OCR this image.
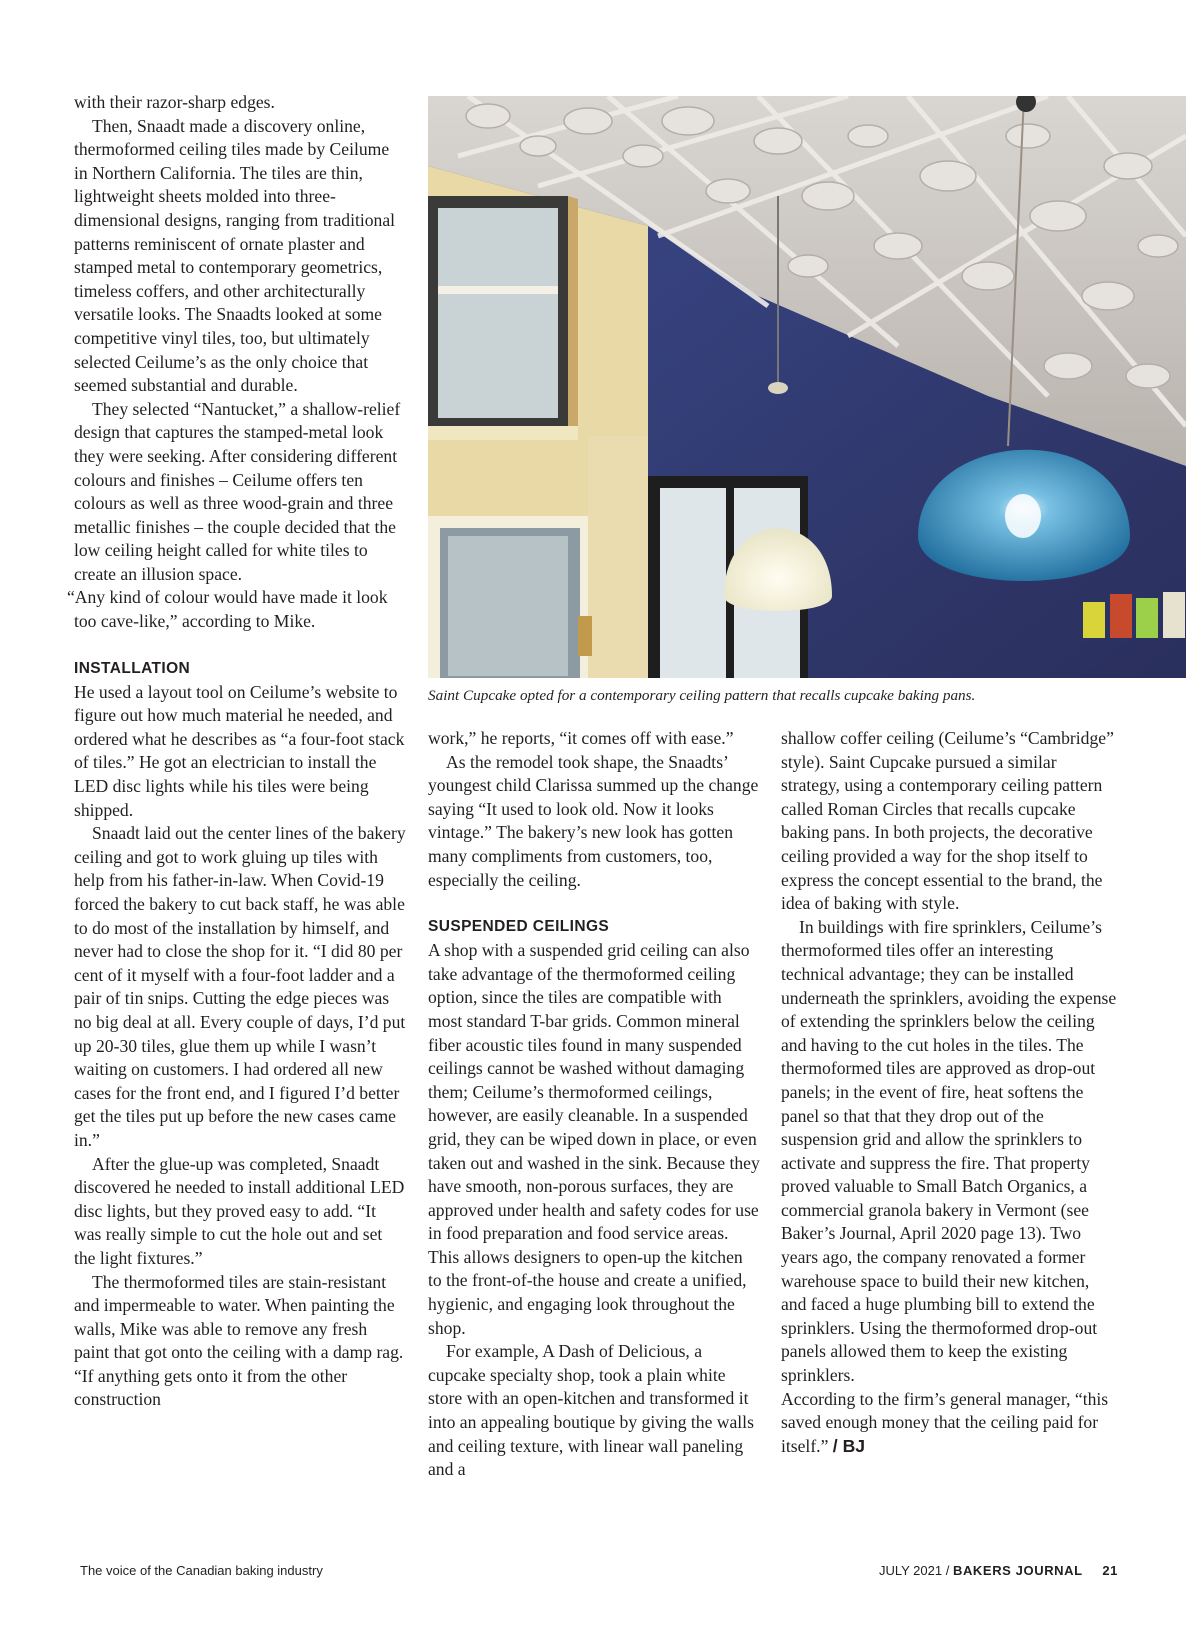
with their razor-sharp edges.

Then, Snaadt made a discovery online, thermoformed ceiling tiles made by Ceilume in Northern California. The tiles are thin, lightweight sheets molded into three-dimensional designs, ranging from traditional patterns reminiscent of ornate plaster and stamped metal to contemporary geometrics, timeless coffers, and other architecturally versatile looks. The Snaadts looked at some competitive vinyl tiles, too, but ultimately selected Ceilume’s as the only choice that seemed substantial and durable.

They selected “Nantucket,” a shallow-relief design that captures the stamped-metal look they were seeking. After considering different colours and finishes – Ceilume offers ten colours as well as three wood-grain and three metallic finishes – the couple decided that the low ceiling height called for white tiles to create an illusion space.

“Any kind of colour would have made it look too cave-like,” according to Mike.

INSTALLATION

He used a layout tool on Ceilume’s website to figure out how much material he needed, and ordered what he describes as “a four-foot stack of tiles.” He got an electrician to install the LED disc lights while his tiles were being shipped.

Snaadt laid out the center lines of the bakery ceiling and got to work gluing up tiles with help from his father-in-law. When Covid-19 forced the bakery to cut back staff, he was able to do most of the installation by himself, and never had to close the shop for it. “I did 80 per cent of it myself with a four-foot ladder and a pair of tin snips. Cutting the edge pieces was no big deal at all. Every couple of days, I’d put up 20-30 tiles, glue them up while I wasn’t waiting on customers. I had ordered all new cases for the front end, and I figured I’d better get the tiles put up before the new cases came in.”

After the glue-up was completed, Snaadt discovered he needed to install additional LED disc lights, but they proved easy to add. “It was really simple to cut the hole out and set the light fixtures.”

The thermoformed tiles are stain-resistant and impermeable to water. When painting the walls, Mike was able to remove any fresh paint that got onto the ceiling with a damp rag. “If anything gets onto it from the other construction

Saint Cupcake opted for a contemporary ceiling pattern that recalls cupcake baking pans.

work,” he reports, “it comes off with ease.”

As the remodel took shape, the Snaadts’ youngest child Clarissa summed up the change saying “It used to look old. Now it looks vintage.” The bakery’s new look has gotten many compliments from customers, too, especially the ceiling.

SUSPENDED CEILINGS

A shop with a suspended grid ceiling can also take advantage of the thermoformed ceiling option, since the tiles are compatible with most standard T-bar grids. Common mineral fiber acoustic tiles found in many suspended ceilings cannot be washed without damaging them; Ceilume’s thermoformed ceilings, however, are easily cleanable. In a suspended grid, they can be wiped down in place, or even taken out and washed in the sink. Because they have smooth, non-porous surfaces, they are approved under health and safety codes for use in food preparation and food service areas. This allows designers to open-up the kitchen to the front-of-the house and create a unified, hygienic, and engaging look throughout the shop.

For example, A Dash of Delicious, a cupcake specialty shop, took a plain white store with an open-kitchen and transformed it into an appealing boutique by giving the walls and ceiling texture, with linear wall paneling and a

shallow coffer ceiling (Ceilume’s “Cambridge” style). Saint Cupcake pursued a similar strategy, using a contemporary ceiling pattern called Roman Circles that recalls cupcake baking pans. In both projects, the decorative ceiling provided a way for the shop itself to express the concept essential to the brand, the idea of baking with style.

In buildings with fire sprinklers, Ceilume’s thermoformed tiles offer an interesting technical advantage; they can be installed underneath the sprinklers, avoiding the expense of extending the sprinklers below the ceiling and having to the cut holes in the tiles. The thermoformed tiles are approved as drop-out panels; in the event of fire, heat softens the panel so that that they drop out of the suspension grid and allow the sprinklers to activate and suppress the fire. That property proved valuable to Small Batch Organics, a commercial granola bakery in Vermont (see Baker’s Journal, April 2020 page 13). Two years ago, the company renovated a former warehouse space to build their new kitchen, and faced a huge plumbing bill to extend the sprinklers. Using the thermoformed drop-out panels allowed them to keep the existing sprinklers.

According to the firm’s general manager, “this saved enough money that the ceiling paid for itself.” / BJ

The voice of the Canadian baking industry	JULY 2021 / BAKERS JOURNAL 21
